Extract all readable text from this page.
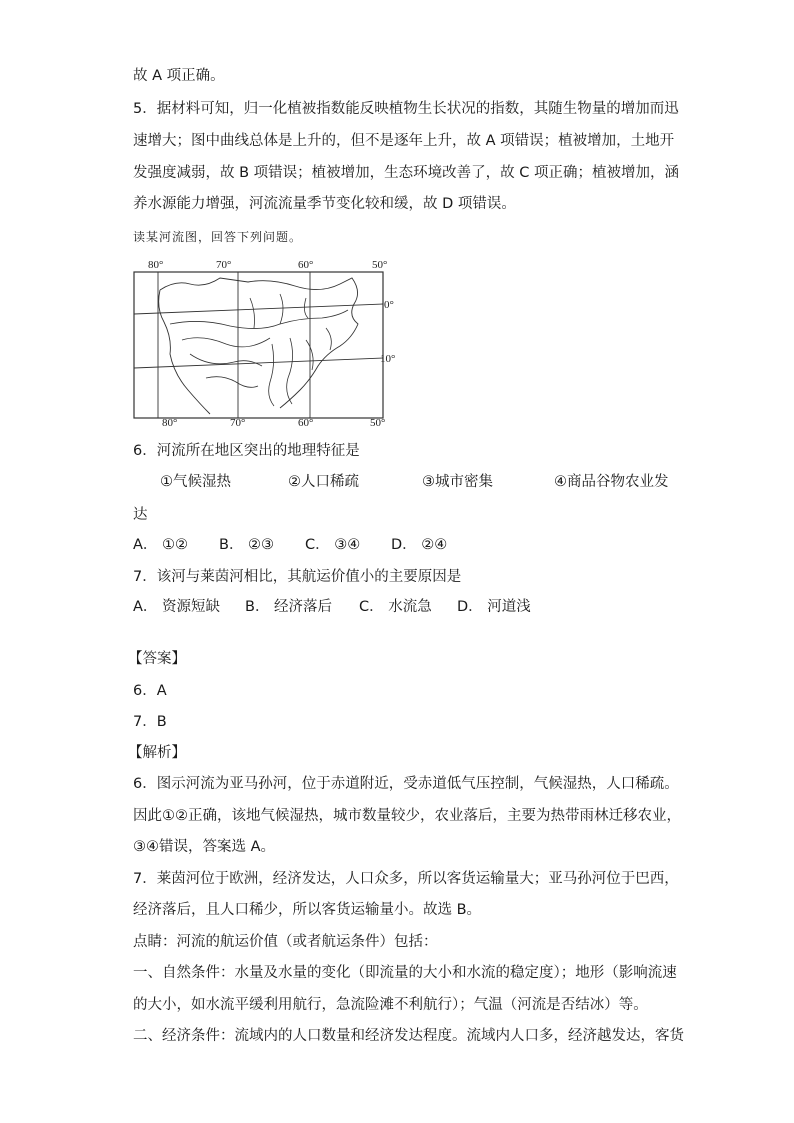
故 A 项正确。
5．据材料可知，归一化植被指数能反映植物生长状况的指数，其随生物量的增加而迅
速增大；图中曲线总体是上升的，但不是逐年上升，故 A 项错误；植被增加，土地开
发强度减弱，故 B 项错误；植被增加，生态环境改善了，故 C 项正确；植被增加，涵
养水源能力增强，河流流量季节变化较和缓，故 D 项错误。
读某河流图，回答下列问题。
80°	70°	60°	50°
80°	70°	60°	50°
0°
10°
6．河流所在地区突出的地理特征是
①气候湿热	②人口稀疏	③城市密集	④商品谷物农业发
达
A． ①② B． ②③ C． ③④ D． ②④
7．该河与莱茵河相比，其航运价值小的主要原因是
A． 资源短缺 B． 经济落后 C． 水流急 D． 河道浅
【答案】
6．A
7．B
【解析】
6．图示河流为亚马孙河，位于赤道附近，受赤道低气压控制，气候湿热，人口稀疏。
因此①②正确，该地气候湿热，城市数量较少，农业落后，主要为热带雨林迁移农业，
③④错误，答案选 A。
7．莱茵河位于欧洲，经济发达，人口众多，所以客货运输量大；亚马孙河位于巴西，
经济落后，且人口稀少，所以客货运输量小。故选 B。
点睛：河流的航运价值（或者航运条件）包括：
一、自然条件：水量及水量的变化（即流量的大小和水流的稳定度）；地形（影响流速
的大小，如水流平缓利用航行，急流险滩不利航行）；气温（河流是否结冰）等。
二、经济条件：流域内的人口数量和经济发达程度。流域内人口多，经济越发达，客货
